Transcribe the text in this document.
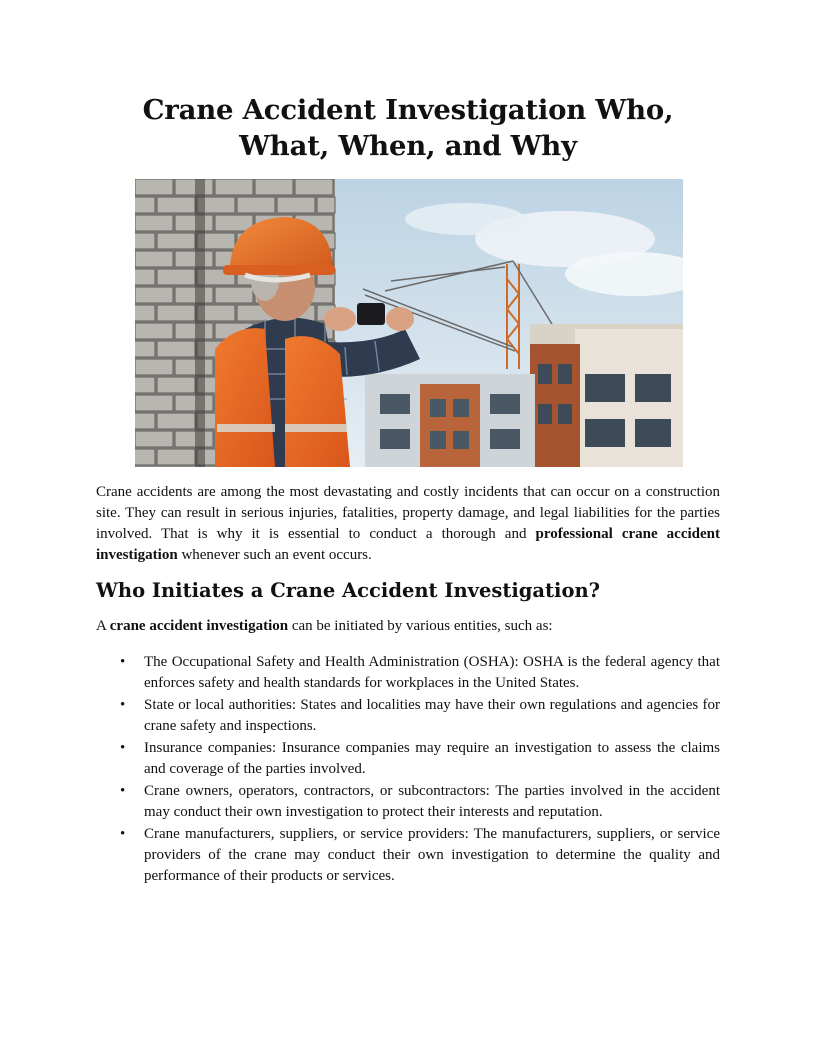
Crane Accident Investigation Who, What, When, and Why

Crane accidents are among the most devastating and costly incidents that can occur on a construction site. They can result in serious injuries, fatalities, property damage, and legal liabilities for the parties involved. That is why it is essential to conduct a thorough and professional crane accident investigation whenever such an event occurs.

Who Initiates a Crane Accident Investigation?

A crane accident investigation can be initiated by various entities, such as:

• The Occupational Safety and Health Administration (OSHA): OSHA is the federal agency that enforces safety and health standards for workplaces in the United States.
• State or local authorities: States and localities may have their own regulations and agencies for crane safety and inspections.
• Insurance companies: Insurance companies may require an investigation to assess the claims and coverage of the parties involved.
• Crane owners, operators, contractors, or subcontractors: The parties involved in the accident may conduct their own investigation to protect their interests and reputation.
• Crane manufacturers, suppliers, or service providers: The manufacturers, suppliers, or service providers of the crane may conduct their own investigation to determine the quality and performance of their products or services.
